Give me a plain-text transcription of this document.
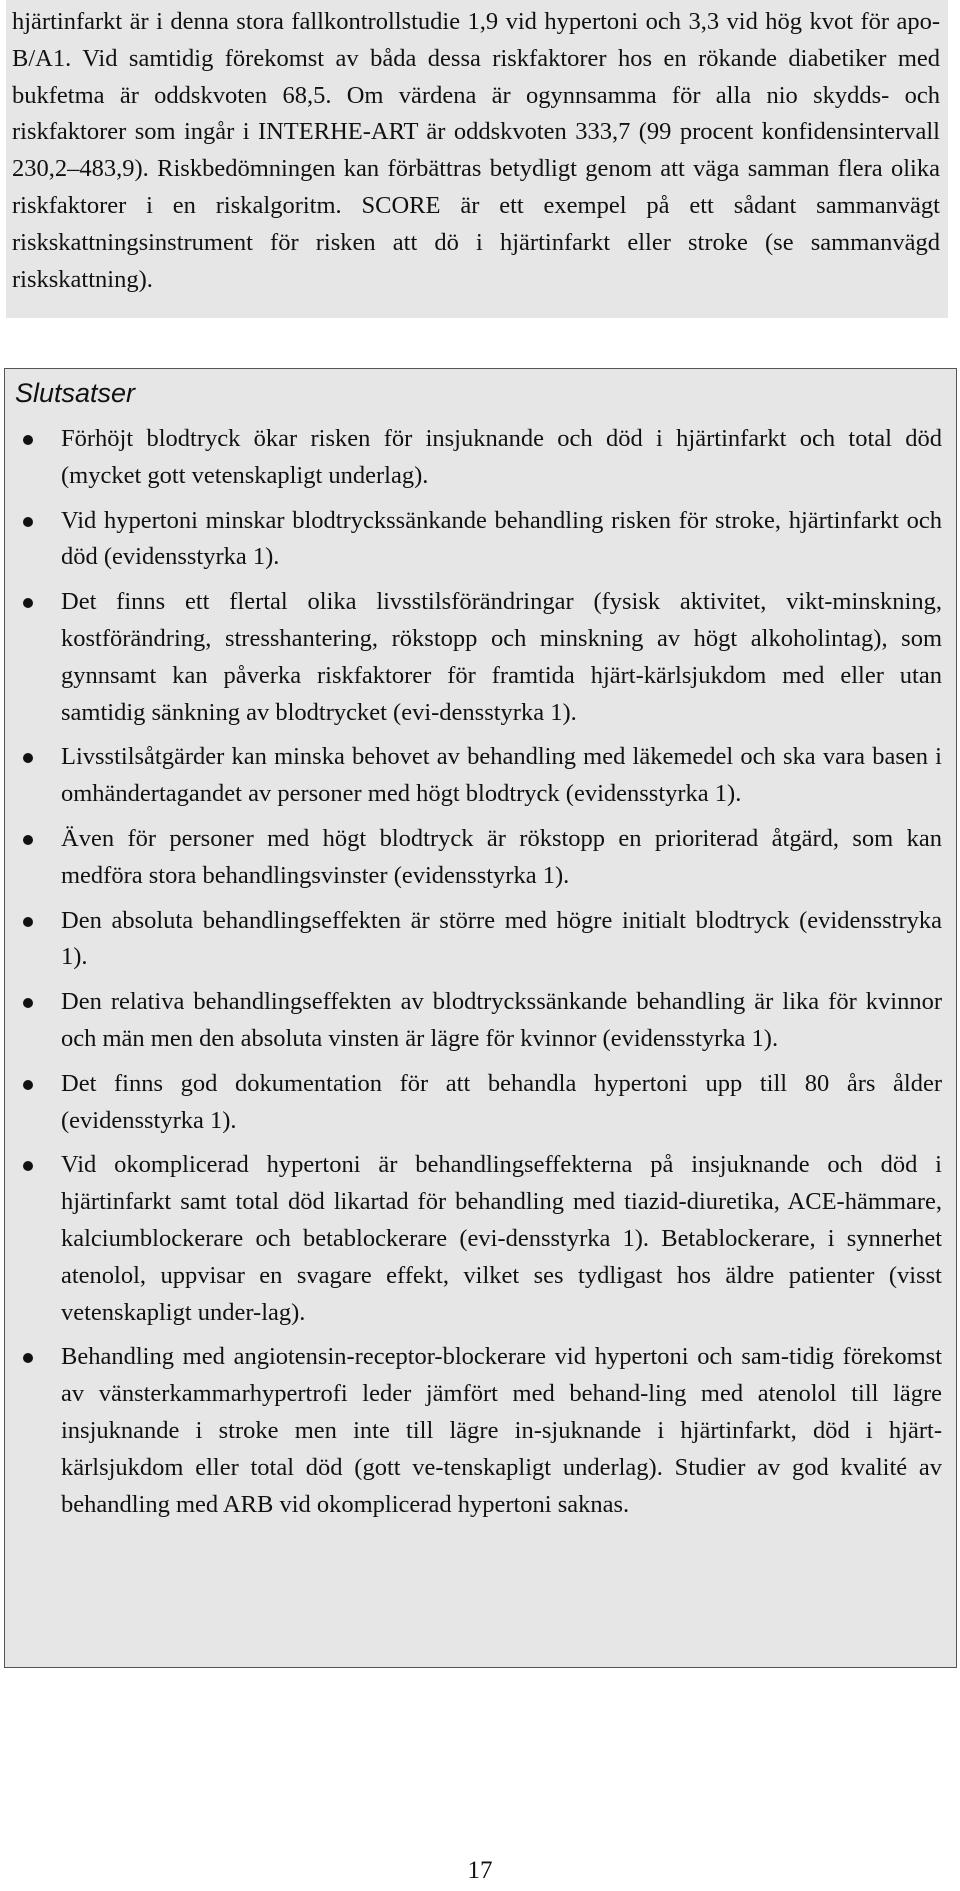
hjärtinfarkt är i denna stora fallkontrollstudie 1,9 vid hypertoni och 3,3 vid hög kvot för apo-B/A1. Vid samtidig förekomst av båda dessa riskfaktorer hos en rökande diabetiker med bukfetma är oddskvoten 68,5. Om värdena är ogynnsamma för alla nio skydds- och riskfaktorer som ingår i INTERHE-ART är oddskvoten 333,7 (99 procent konfidensintervall 230,2–483,9). Riskbedömningen kan förbättras betydligt genom att väga samman flera olika riskfaktorer i en riskalgoritm. SCORE är ett exempel på ett sådant sammanvägt riskskattningsinstrument för risken att dö i hjärtinfarkt eller stroke (se sammanvägd riskskattning).

Slutsatser
Förhöjt blodtryck ökar risken för insjuknande och död i hjärtinfarkt och total död (mycket gott vetenskapligt underlag).
Vid hypertoni minskar blodtryckssänkande behandling risken för stroke, hjärtinfarkt och död (evidensstyrka 1).
Det finns ett flertal olika livsstilsförändringar (fysisk aktivitet, vikt-minskning, kostförändring, stresshantering, rökstopp och minskning av högt alkoholintag), som gynnsamt kan påverka riskfaktorer för framtida hjärt-kärlsjukdom med eller utan samtidig sänkning av blodtrycket (evi-densstyrka 1).
Livsstilsåtgärder kan minska behovet av behandling med läkemedel och ska vara basen i omhändertagandet av personer med högt blodtryck (evidensstyrka 1).
Även för personer med högt blodtryck är rökstopp en prioriterad åtgärd, som kan medföra stora behandlingsvinster (evidensstyrka 1).
Den absoluta behandlingseffekten är större med högre initialt blodtryck (evidensstryka 1).
Den relativa behandlingseffekten av blodtryckssänkande behandling är lika för kvinnor och män men den absoluta vinsten är lägre för kvinnor (evidensstyrka 1).
Det finns god dokumentation för att behandla hypertoni upp till 80 års ålder (evidensstyrka 1).
Vid okomplicerad hypertoni är behandlingseffekterna på insjuknande och död i hjärtinfarkt samt total död likartad för behandling med tiazid-diuretika, ACE-hämmare, kalciumblockerare och betablockerare (evi-densstyrka 1). Betablockerare, i synnerhet atenolol, uppvisar en svagare effekt, vilket ses tydligast hos äldre patienter (visst vetenskapligt under-lag).
Behandling med angiotensin-receptor-blockerare vid hypertoni och sam-tidig förekomst av vänsterkammarhypertrofi leder jämfört med behand-ling med atenolol till lägre insjuknande i stroke men inte till lägre in-sjuknande i hjärtinfarkt, död i hjärt-kärlsjukdom eller total död (gott ve-tenskapligt underlag). Studier av god kvalité av behandling med ARB vid okomplicerad hypertoni saknas.
17
